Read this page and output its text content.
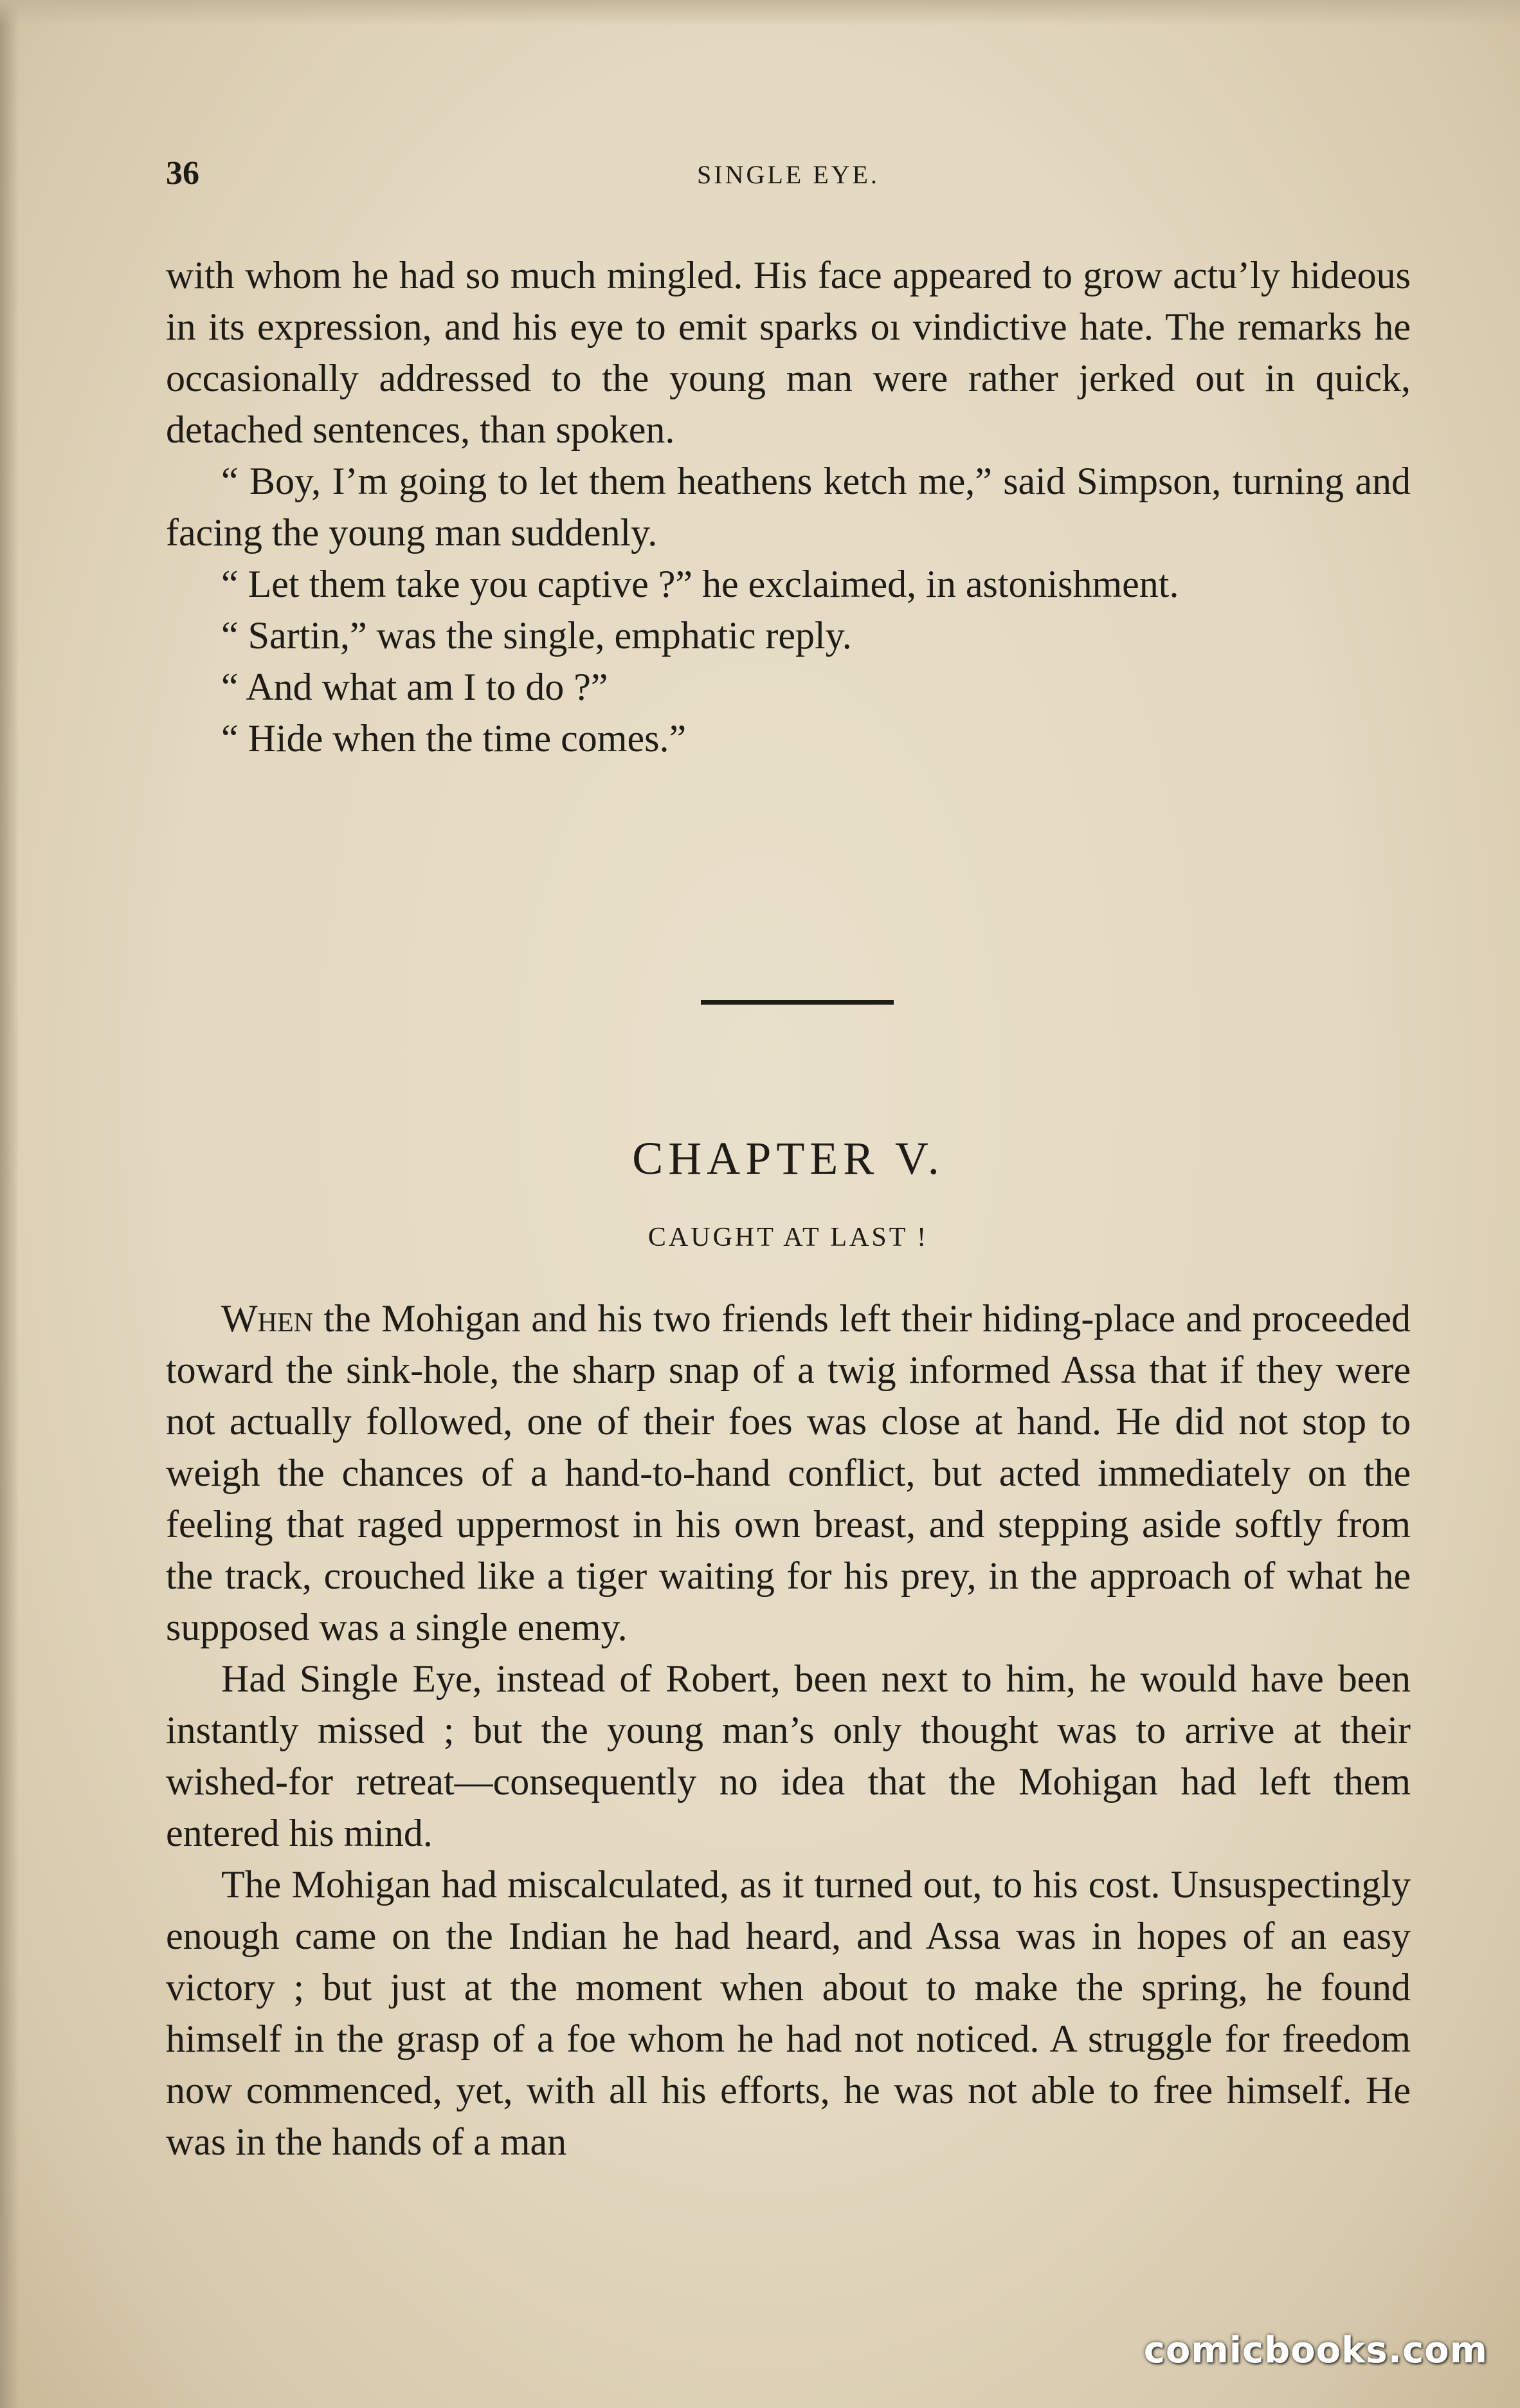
36	SINGLE EYE.

with whom he had so much mingled. His face appeared to grow actu’ly hideous in its expression, and his eye to emit sparks oı vindictive hate. The remarks he occasionally addressed to the young man were rather jerked out in quick, detached sentences, than spoken.

“ Boy, I’m going to let them heathens ketch me,” said Simpson, turning and facing the young man suddenly.

“ Let them take you captive ?” he exclaimed, in astonishment.

“ Sartin,” was the single, emphatic reply.

“ And what am I to do ?”

“ Hide when the time comes.”

CHAPTER V.
CAUGHT AT LAST !

When the Mohigan and his two friends left their hiding-place and proceeded toward the sink-hole, the sharp snap of a twig informed Assa that if they were not actually followed, one of their foes was close at hand. He did not stop to weigh the chances of a hand-to-hand conflict, but acted immediately on the feeling that raged uppermost in his own breast, and stepping aside softly from the track, crouched like a tiger waiting for his prey, in the approach of what he supposed was a single enemy.

Had Single Eye, instead of Robert, been next to him, he would have been instantly missed ; but the young man’s only thought was to arrive at their wished-for retreat—consequently no idea that the Mohigan had left them entered his mind.

The Mohigan had miscalculated, as it turned out, to his cost. Unsuspectingly enough came on the Indian he had heard, and Assa was in hopes of an easy victory ; but just at the moment when about to make the spring, he found himself in the grasp of a foe whom he had not noticed. A struggle for freedom now commenced, yet, with all his efforts, he was not able to free himself. He was in the hands of a man

comicbooks.com
